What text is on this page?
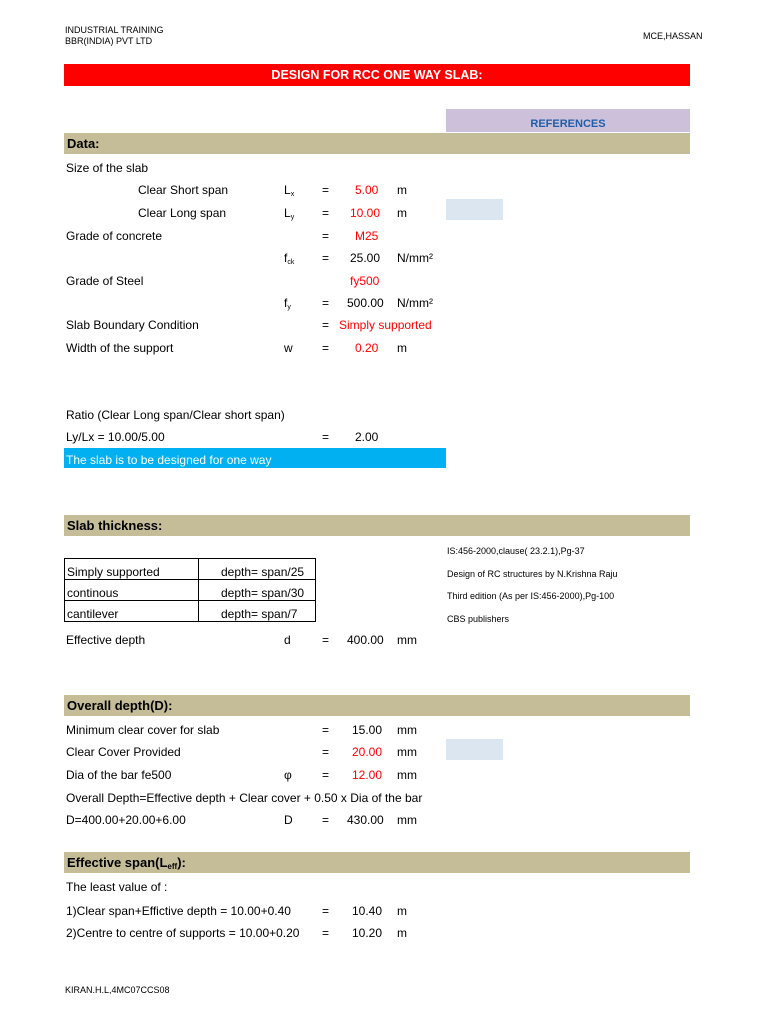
INDUSTRIAL TRAINING
BBR(INDIA) PVT LTD	MCE,HASSAN
DESIGN FOR RCC ONE WAY SLAB:
REFERENCES
Data:
Size of the slab
Clear Short span	$L_x = 5.00$ m
Clear Long span	$L_y = 10.00$ m
Grade of concrete	= M25
$f_{ck} = 25.00$ N/mm²
Grade of Steel	fy500
$f_y$	= 500.00 N/mm²
Slab Boundary Condition	= Simply supported
Width of the support	w = 0.20 m
Ratio (Clear Long span/Clear short span)
Ly/Lx = 10.00/5.00	= 2.00
The slab is to be designed for one way
Slab thickness:
Simply supported	depth= span/25
continous	depth= span/30
cantilever	depth= span/7
IS:456-2000,clause( 23.2.1),Pg-37
Design of RC structures by N.Krishna Raju
Third edition (As per IS:456-2000),Pg-100
CBS publishers
Effective depth	d	= 400.00 mm
Overall depth(D):
Minimum clear cover for slab	= 15.00 mm
Clear Cover Provided	= 20.00 mm
Dia of the bar fe500	φ	= 12.00 mm
Overall Depth=Effective depth + Clear cover + 0.50 x Dia of the bar
D=400.00+20.00+6.00	D = 430.00 mm
Effective $span(L_{eff})$:
The least value of :
1)Clear span+Effictive depth = 10.00+0.40	= 10.40 m
2)Centre to centre of supports = 10.00+0.20 = 10.20 m
KIRAN.H.L,4MC07CCS08
